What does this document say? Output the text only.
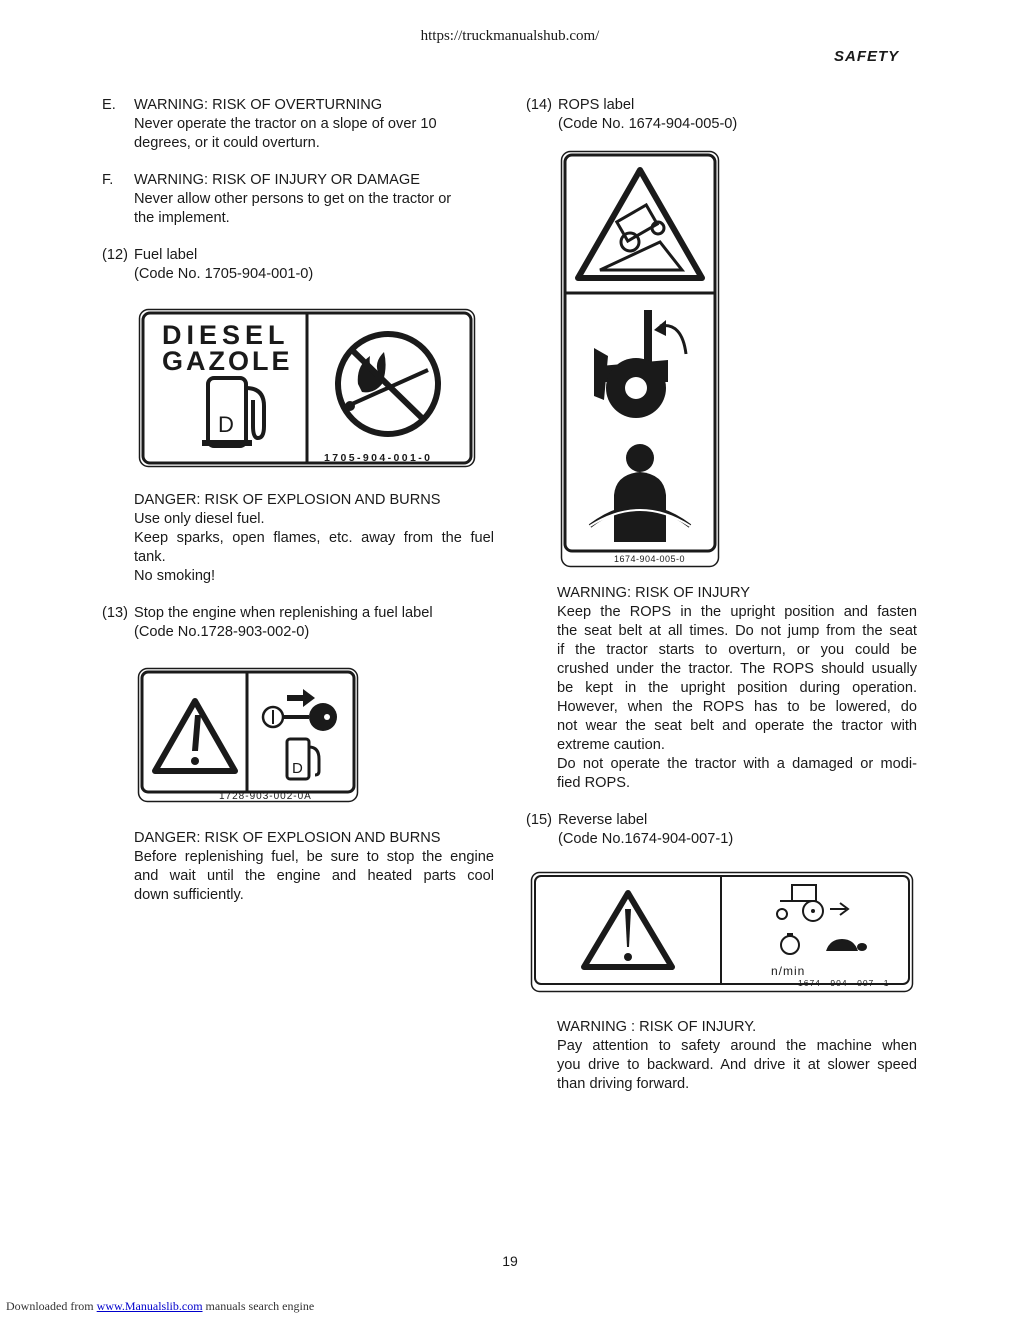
https://truckmanualshub.com/
SAFETY
E. WARNING: RISK OF OVERTURNING
Never operate the tractor on a slope of over 10
degrees, or it could overturn.
F. WARNING: RISK OF INJURY OR DAMAGE
Never allow other persons to get on the tractor or
the implement.
(12) Fuel label
(Code No. 1705-904-001-0)
DIESEL
GAZOLE
D
1705-904-001-0
DANGER: RISK OF EXPLOSION AND BURNS
Use only diesel fuel.
Keep sparks, open flames, etc. away from the fuel
tank.
No smoking!
(13) Stop the engine when replenishing a fuel label
(Code No.1728-903-002-0)
D
1728-903-002-0A
DANGER: RISK OF EXPLOSION AND BURNS
Before replenishing fuel, be sure to stop the engine
and wait until the engine and heated parts cool
down sufficiently.
(14) ROPS label
(Code No. 1674-904-005-0)
1674-904-005-0
WARNING: RISK OF INJURY
Keep the ROPS in the upright position and fasten
the seat belt at all times. Do not jump from the seat
if the tractor starts to overturn, or you could be
crushed under the tractor. The ROPS should usually
be kept in the upright position during operation.
However, when the ROPS has to be lowered, do
not wear the seat belt and operate the tractor with
extreme caution.
Do not operate the tractor with a damaged or modi-
fied ROPS.
(15) Reverse label
(Code No.1674-904-007-1)
n/min
1674—904—007—1
WARNING : RISK OF INJURY.
Pay attention to safety around the machine when
you drive to backward. And drive it at slower speed
than driving forward.
19
Downloaded from www.Manualslib.com manuals search engine
